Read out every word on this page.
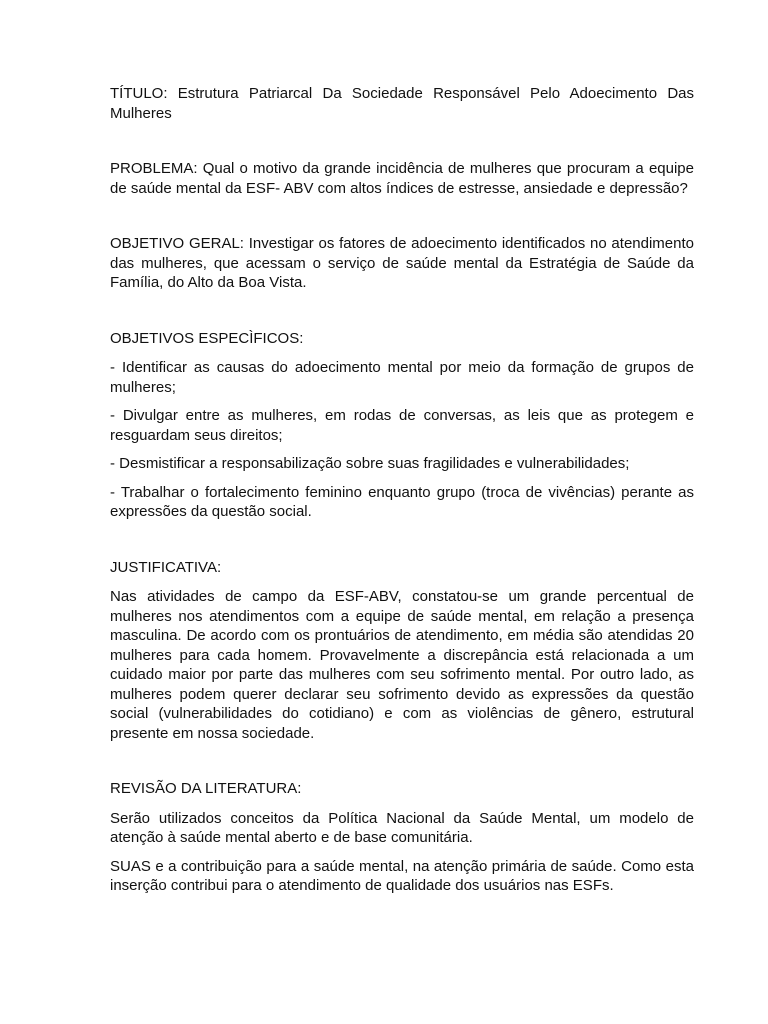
TÍTULO: Estrutura Patriarcal Da Sociedade Responsável Pelo Adoecimento Das Mulheres

PROBLEMA: Qual o motivo da grande incidência de mulheres que procuram a equipe de saúde mental da ESF- ABV com altos índices de estresse, ansiedade e depressão?

OBJETIVO GERAL: Investigar os fatores de adoecimento identificados no atendimento das mulheres, que acessam o serviço de saúde mental da Estratégia de Saúde da Família, do Alto da Boa Vista.

OBJETIVOS ESPECÌFICOS:

- Identificar as causas do adoecimento mental por meio da formação de grupos de mulheres;

- Divulgar entre as mulheres, em rodas de conversas, as leis que as protegem e resguardam seus direitos;

- Desmistificar a responsabilização sobre suas fragilidades e vulnerabilidades;

- Trabalhar o fortalecimento feminino enquanto grupo (troca de vivências) perante as expressões da questão social.

JUSTIFICATIVA:

Nas atividades de campo da ESF-ABV, constatou-se um grande percentual de mulheres nos atendimentos com a equipe de saúde mental, em relação a presença masculina. De acordo com os prontuários de atendimento, em média são atendidas 20 mulheres para cada homem. Provavelmente a discrepância está relacionada a um cuidado maior por parte das mulheres com seu sofrimento mental. Por outro lado, as mulheres podem querer declarar seu sofrimento devido as expressões da questão social (vulnerabilidades do cotidiano) e com as violências de gênero, estrutural presente em nossa sociedade.

REVISÃO DA LITERATURA:

Serão utilizados conceitos da Política Nacional da Saúde Mental, um modelo de atenção à saúde mental aberto e de base comunitária.

SUAS e a contribuição para a saúde mental, na atenção primária de saúde. Como esta inserção contribui para o atendimento de qualidade dos usuários nas ESFs.
